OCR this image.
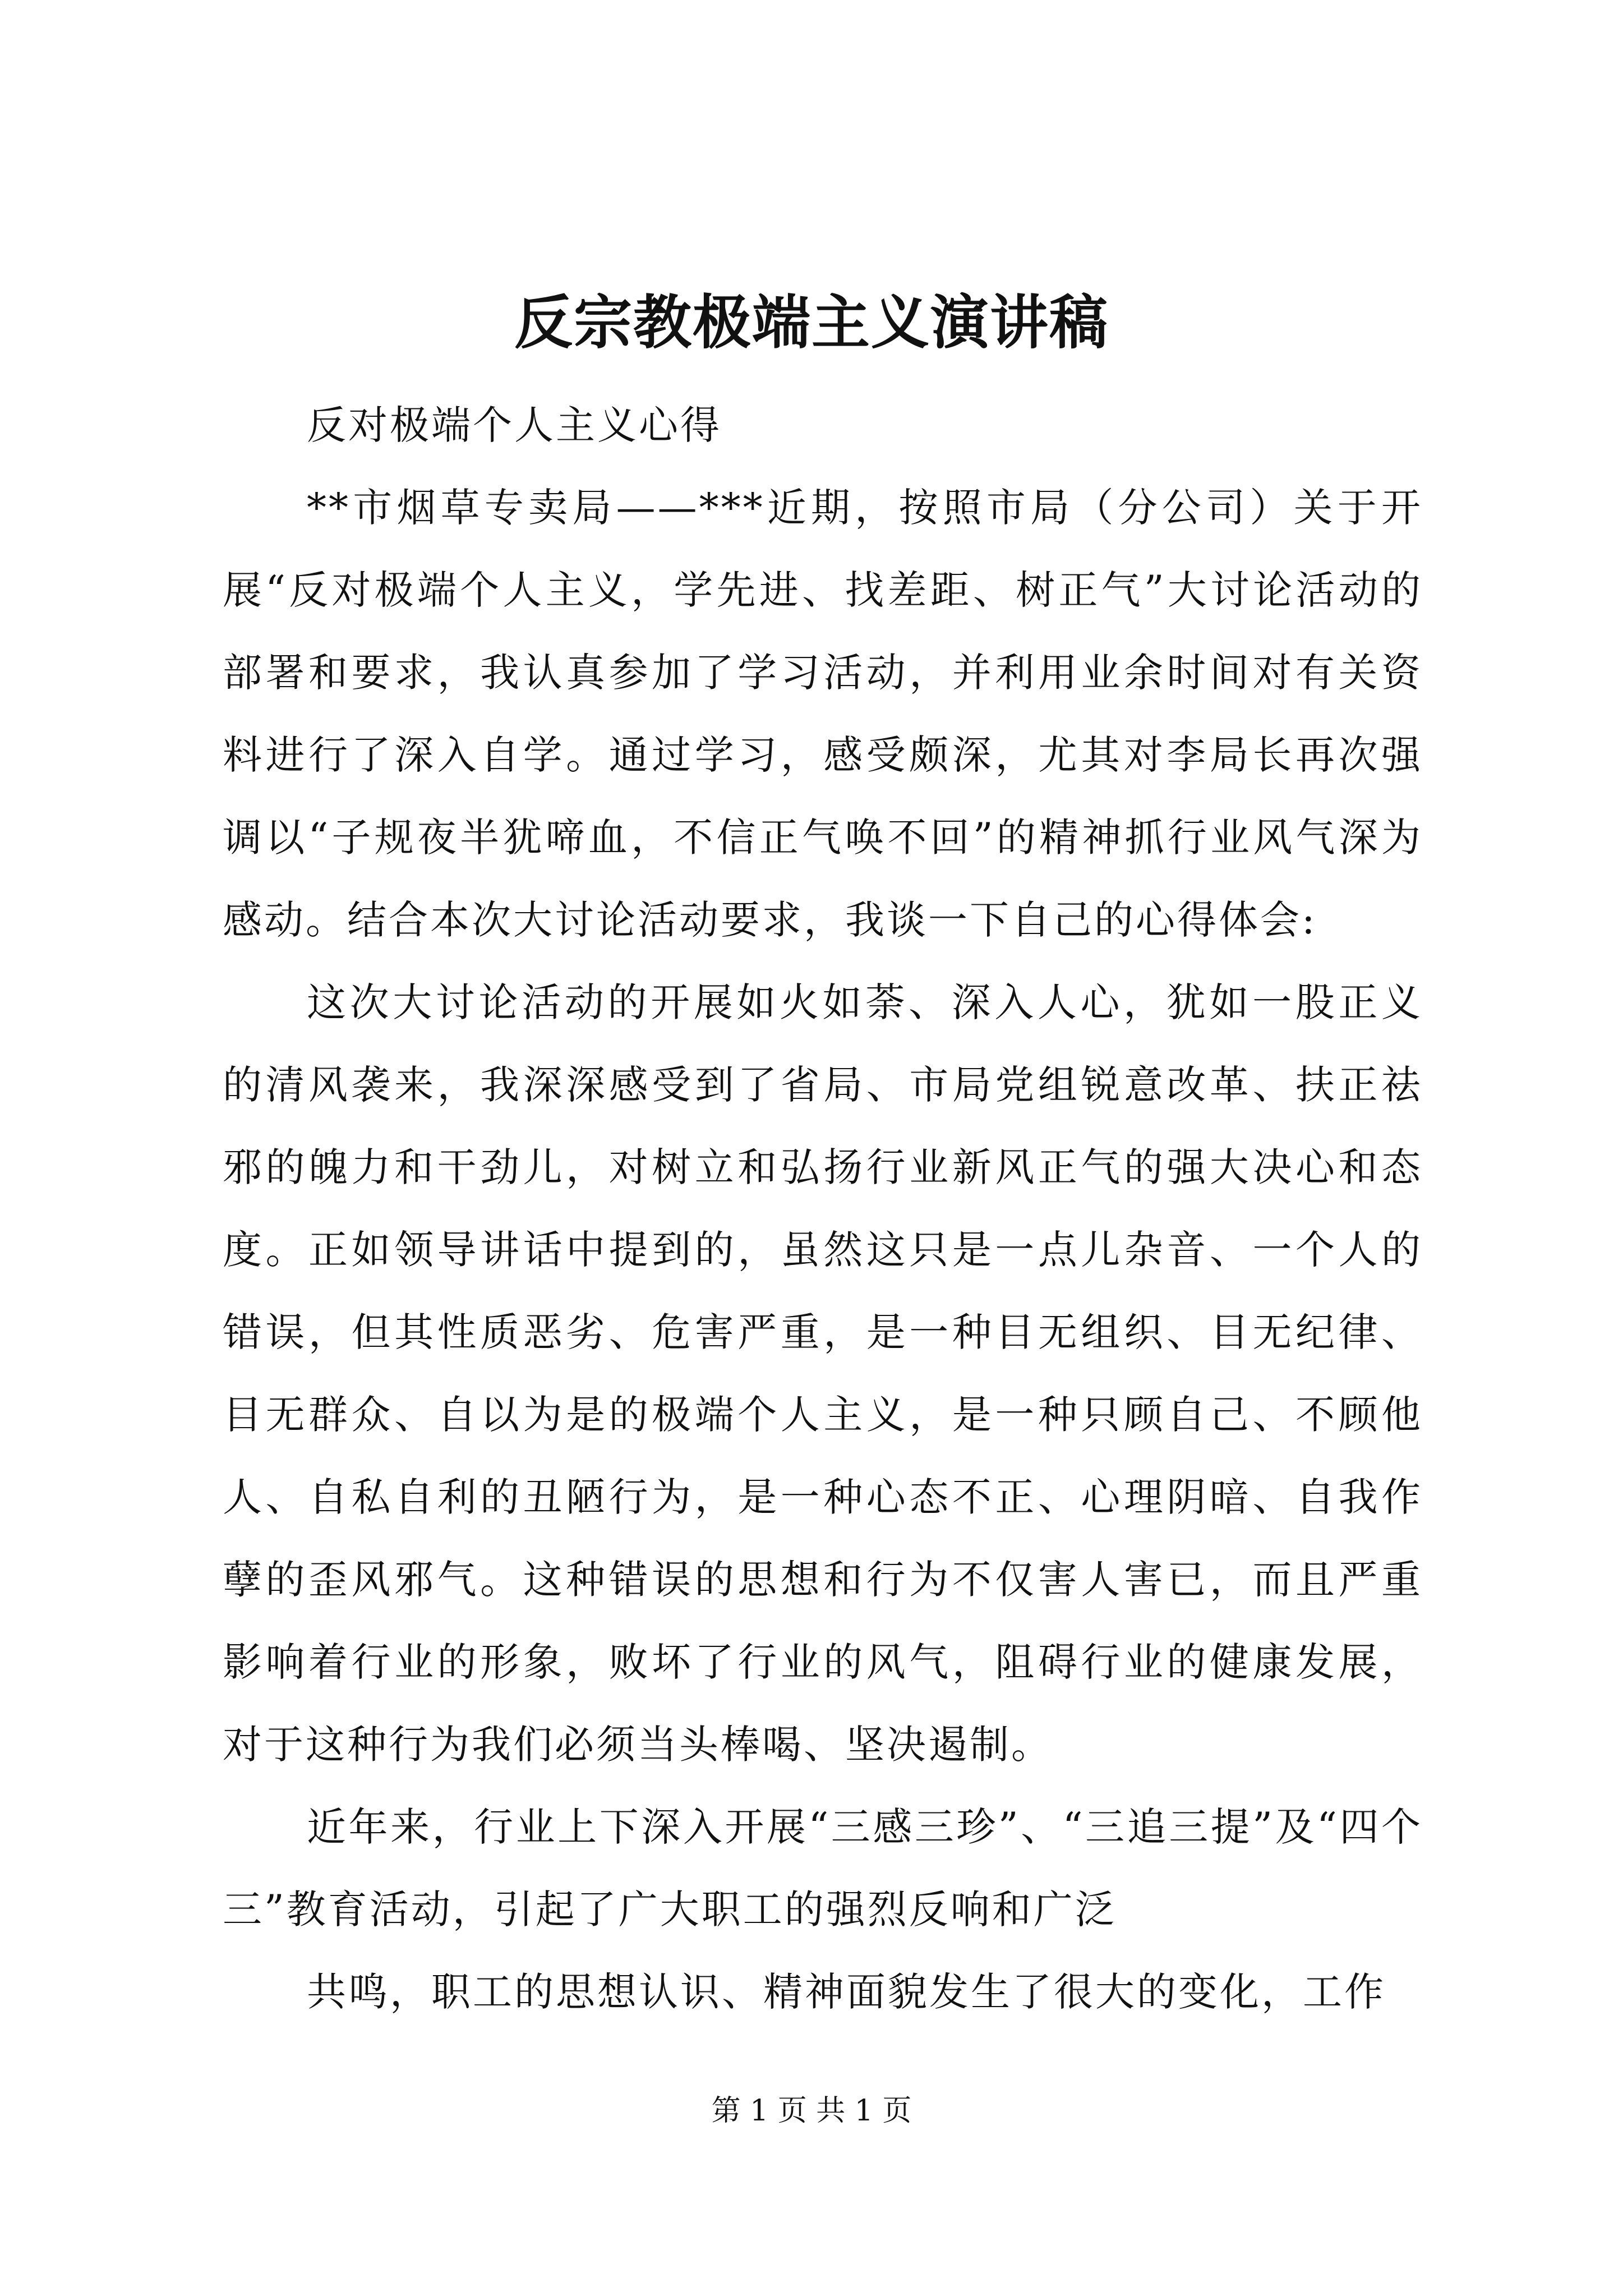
反宗教极端主义演讲稿

反对极端个人主义心得

**市烟草专卖局——***近期，按照市局（分公司）关于开展“反对极端个人主义，学先进、找差距、树正气”大讨论活动的部署和要求，我认真参加了学习活动，并利用业余时间对有关资料进行了深入自学。通过学习，感受颇深，尤其对李局长再次强调以“子规夜半犹啼血，不信正气唤不回”的精神抓行业风气深为感动。结合本次大讨论活动要求，我谈一下自己的心得体会:

这次大讨论活动的开展如火如荼、深入人心，犹如一股正义的清风袭来，我深深感受到了省局、市局党组锐意改革、扶正祛邪的魄力和干劲儿，对树立和弘扬行业新风正气的强大决心和态度。正如领导讲话中提到的，虽然这只是一点儿杂音、一个人的错误，但其性质恶劣、危害严重，是一种目无组织、目无纪律、目无群众、自以为是的极端个人主义，是一种只顾自己、不顾他人、自私自利的丑陋行为，是一种心态不正、心理阴暗、自我作孽的歪风邪气。这种错误的思想和行为不仅害人害已，而且严重影响着行业的形象，败坏了行业的风气，阻碍行业的健康发展，对于这种行为我们必须当头棒喝、坚决遏制。

近年来，行业上下深入开展“三感三珍”、“三追三提”及“四个三”教育活动，引起了广大职工的强烈反响和广泛

共鸣，职工的思想认识、精神面貌发生了很大的变化，工作

第 1 页 共 1 页
